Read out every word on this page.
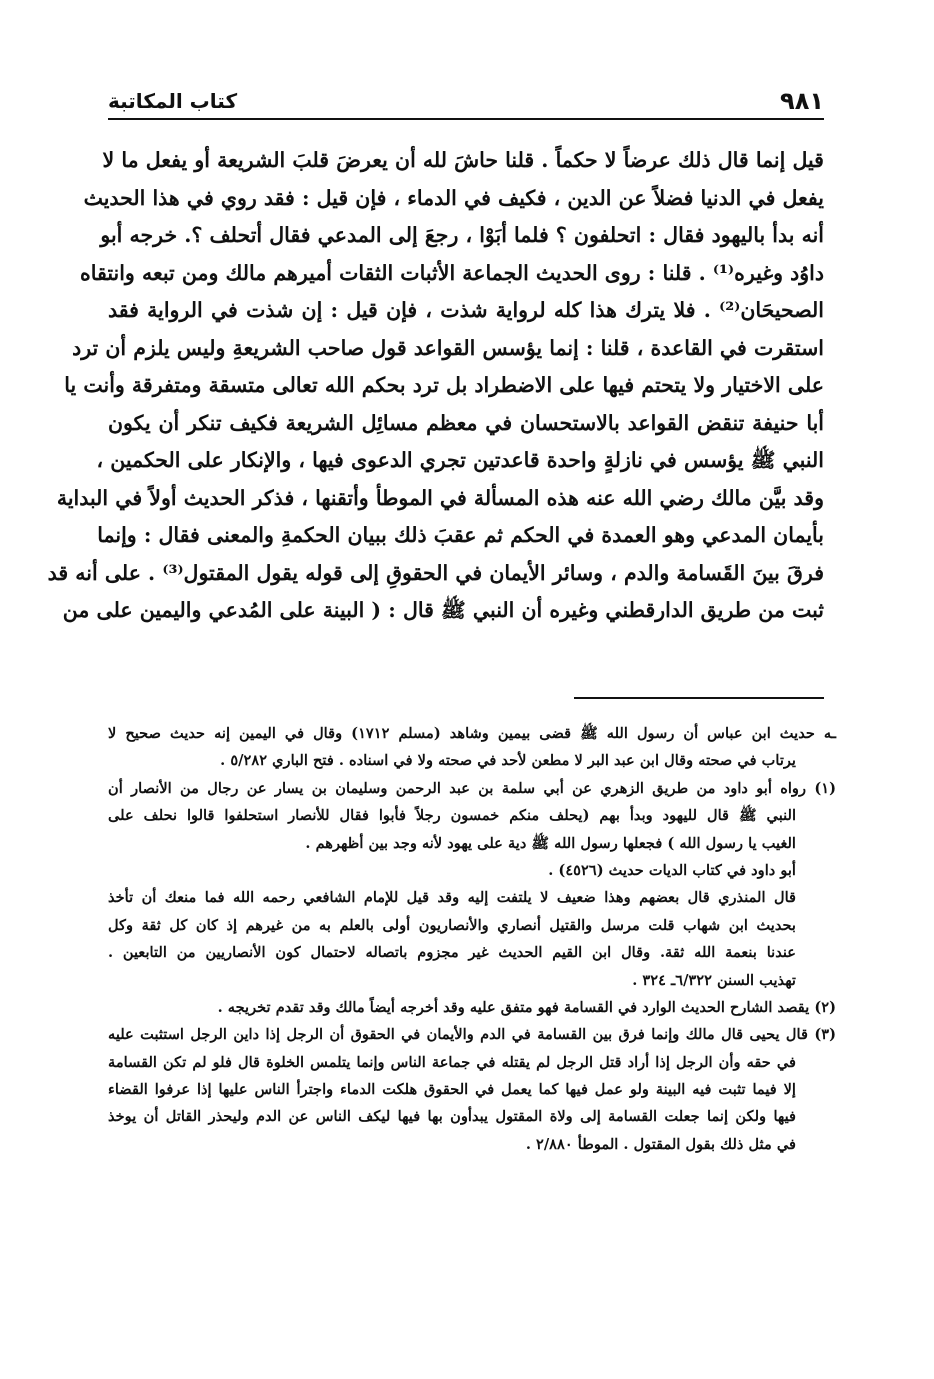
٩٨١
كتاب المكاتبة
قيل إنما قال ذلك عرضاً لا حكماً . قلنا حاشَ لله أن يعرضَ قلبَ الشريعة أو يفعل ما لا
يفعل في الدنيا فضلاً عن الدين ، فكيف في الدماء ، فإن قيل : فقد روي في هذا الحديث
أنه بدأ باليهود فقال : اتحلفون ؟ فلما أبَوْا ، رجعَ إلى المدعي فقال أتحلف ؟. خرجه أبو
داوُد وغيره⁽¹⁾ . قلنا : روى الحديث الجماعة الأثبات الثقات أميرهم مالك ومن تبعه وانتقاه
الصحيحَان⁽²⁾ . فلا يترك هذا كله لرواية شذت ، فإن قيل : إن شذت في الرواية فقد
استقرت في القاعدة ، قلنا : إنما يؤسس القواعد قول صاحب الشريعةِ وليس يلزم أن ترد
على الاختيار ولا يتحتم فيها على الاضطراد بل ترد بحكم الله تعالى متسقة ومتفرقة وأنت يا
أبا حنيفة تنقض القواعد بالاستحسان في معظم مسائِل الشريعة فكيف تنكر أن يكون
النبي ﷺ يؤسس في نازلةٍ واحدة قاعدتين تجري الدعوى فيها ، والإنكار على الحكمين ،
وقد بيَّن مالك رضي الله عنه هذه المسألة في الموطأ وأتقنها ، فذكر الحديث أولاً في البداية
بأيمان المدعي وهو العمدة في الحكم ثم عقبَ ذلك ببيان الحكمةِ والمعنى فقال : وإنما
فرقَ بينَ القَسامة والدم ، وسائر الأيمان في الحقوقِ إلى قوله يقول المقتول⁽³⁾ . على أنه قد
ثبت من طريق الدارقطني وغيره أن النبي ﷺ قال : ( البينة على المُدعي واليمين على من
ـه حديث ابن عباس أن رسول الله ﷺ قضى بيمين وشاهد (مسلم ١٧١٢) وقال في اليمين إنه حديث صحيح لا
يرتاب في صحته وقال ابن عبد البر لا مطعن لأحد في صحته ولا في اسناده . فتح الباري ٥/٢٨٢ .
(١) رواه أبو داود من طريق الزهري عن أبي سلمة بن عبد الرحمن وسليمان بن يسار عن رجال من الأنصار أن
النبي ﷺ قال لليهود وبدأ بهم (يحلف منكم خمسون رجلاً فأبوا فقال للأنصار استحلفوا قالوا نحلف على
الغيب يا رسول الله ) فجعلها رسول الله ﷺ دية على يهود لأنه وجد بين أظهرهم .
أبو داود في كتاب الديات حديث (٤٥٢٦) .
قال المنذري قال بعضهم وهذا ضعيف لا يلتفت إليه وقد قيل للإمام الشافعي رحمه الله فما منعك أن تأخذ
بحديث ابن شهاب قلت مرسل والقتيل أنصاري والأنصاريون أولى بالعلم به من غيرهم إذ كان كل ثقة وكل
عندنا بنعمة الله ثقة. وقال ابن القيم الحديث غير مجزوم باتصاله لاحتمال كون الأنصاريين من التابعين .
تهذيب السنن ٦/٣٢٢ـ ٣٢٤ .
(٢) يقصد الشارح الحديث الوارد في القسامة فهو متفق عليه وقد أخرجه أيضاً مالك وقد تقدم تخريجه .
(٣) قال يحيى قال مالك وإنما فرق بين القسامة في الدم والأيمان في الحقوق أن الرجل إذا داين الرجل استثبت عليه
في حقه وأن الرجل إذا أراد قتل الرجل لم يقتله في جماعة الناس وإنما يتلمس الخلوة قال فلو لم تكن القسامة
إلا فيما تثبت فيه البينة ولو عمل فيها كما يعمل في الحقوق هلكت الدماء واجترأ الناس عليها إذا عرفوا القضاء
فيها ولكن إنما جعلت القسامة إلى ولاة المقتول يبدأون بها فيها ليكف الناس عن الدم وليحذر القاتل أن يوخذ
في مثل ذلك بقول المقتول . الموطأ ٢/٨٨٠ .
